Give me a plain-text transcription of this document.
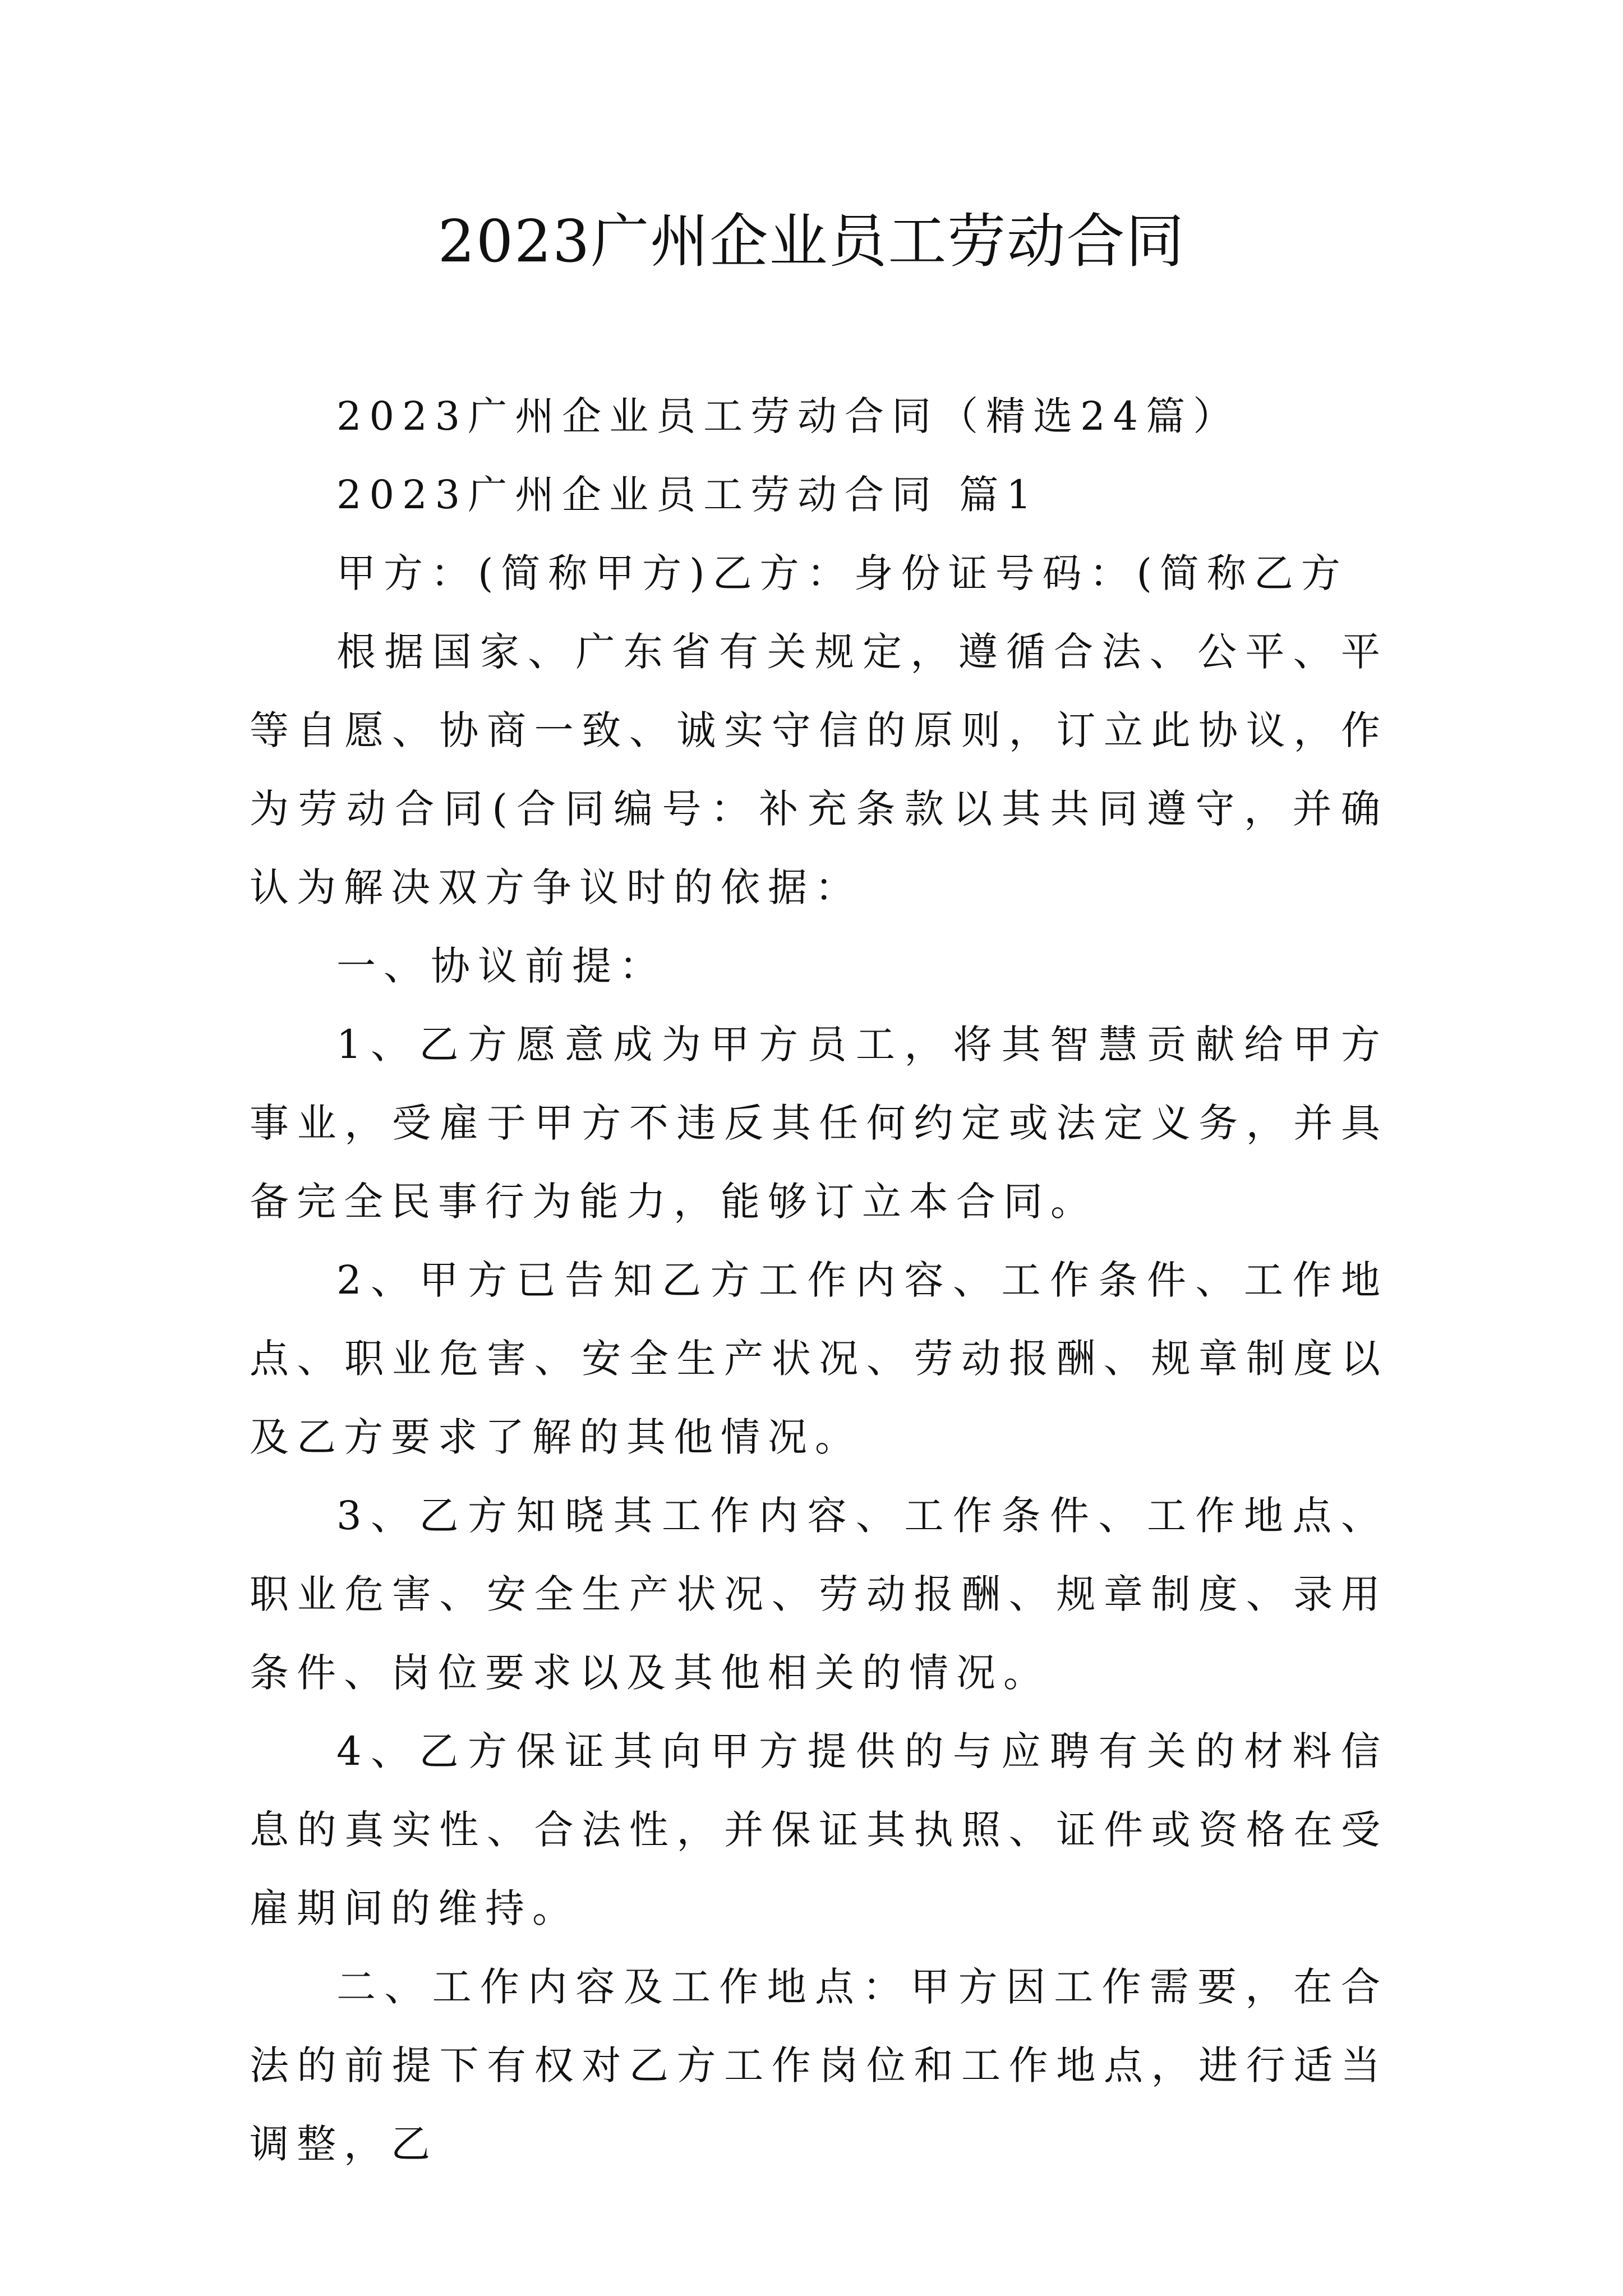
2023广州企业员工劳动合同

2023广州企业员工劳动合同（精选24篇）

2023广州企业员工劳动合同 篇1

甲方：(简称甲方)乙方：身份证号码：(简称乙方

根据国家、广东省有关规定，遵循合法、公平、平等自愿、协商一致、诚实守信的原则，订立此协议，作为劳动合同(合同编号：补充条款以其共同遵守，并确认为解决双方争议时的依据：

一、协议前提：

1、乙方愿意成为甲方员工，将其智慧贡献给甲方事业，受雇于甲方不违反其任何约定或法定义务，并具备完全民事行为能力，能够订立本合同。

2、甲方已告知乙方工作内容、工作条件、工作地点、职业危害、安全生产状况、劳动报酬、规章制度以及乙方要求了解的其他情况。

3、乙方知晓其工作内容、工作条件、工作地点、职业危害、安全生产状况、劳动报酬、规章制度、录用条件、岗位要求以及其他相关的情况。

4、乙方保证其向甲方提供的与应聘有关的材料信息的真实性、合法性，并保证其执照、证件或资格在受雇期间的维持。

二、工作内容及工作地点：甲方因工作需要，在合法的前提下有权对乙方工作岗位和工作地点，进行适当调整，乙
